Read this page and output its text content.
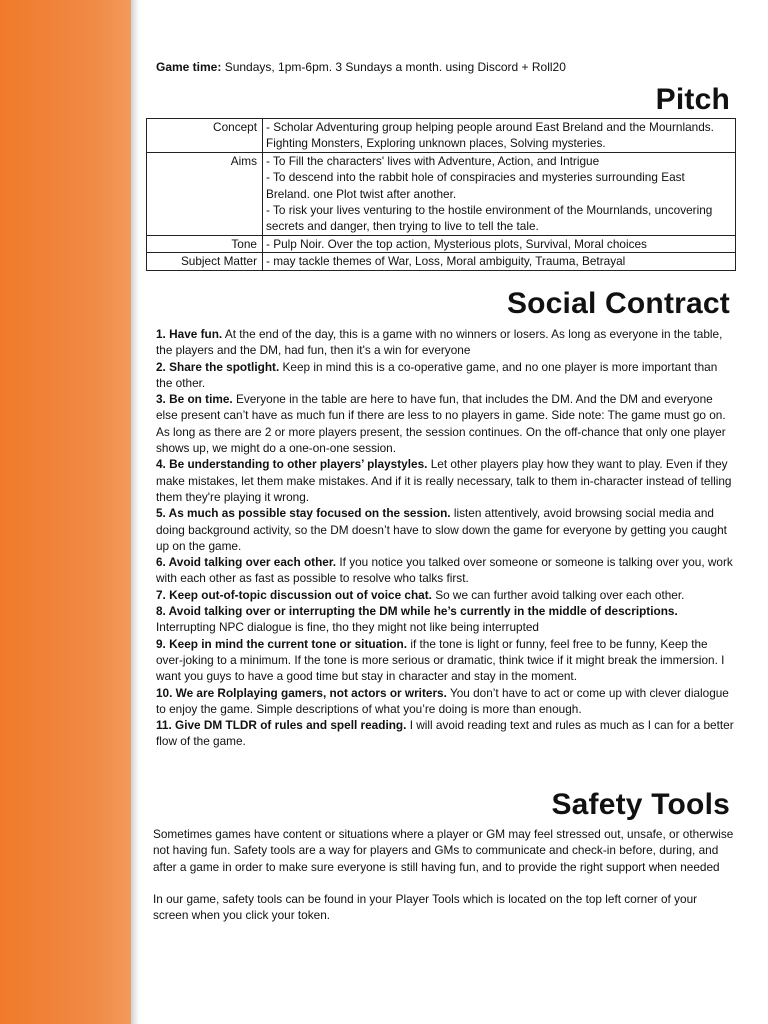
Game time: Sundays, 1pm-6pm. 3 Sundays a month. using Discord + Roll20
Pitch
Concept	- Scholar Adventuring group helping people around East Breland and the Mournlands. Fighting Monsters, Exploring unknown places, Solving mysteries.

Aims	- To Fill the characters' lives with Adventure, Action, and Intrigue
- To descend into the rabbit hole of conspiracies and mysteries surrounding East Breland. one Plot twist after another.
- To risk your lives venturing to the hostile environment of the Mournlands, uncovering secrets and danger, then trying to live to tell the tale.

Tone	- Pulp Noir. Over the top action, Mysterious plots, Survival, Moral choices

Subject Matter	- may tackle themes of War, Loss, Moral ambiguity, Trauma, Betrayal
Social Contract

1. Have fun. At the end of the day, this is a game with no winners or losers. As long as everyone in the table, the players and the DM, had fun, then it's a win for everyone

2. Share the spotlight. Keep in mind this is a co-operative game, and no one player is more important than the other.

3. Be on time. Everyone in the table are here to have fun, that includes the DM. And the DM and everyone else present can’t have as much fun if there are less to no players in game. Side note: The game must go on. As long as there are 2 or more players present, the session continues. On the off-chance that only one player shows up, we might do a one-on-one session.

4. Be understanding to other players’ playstyles. Let other players play how they want to play. Even if they make mistakes, let them make mistakes. And if it is really necessary, talk to them in-character instead of telling them they're playing it wrong.

5. As much as possible stay focused on the session. listen attentively, avoid browsing social media and doing background activity, so the DM doesn’t have to slow down the game for everyone by getting you caught up on the game.

6. Avoid talking over each other. If you notice you talked over someone or someone is talking over you, work with each other as fast as possible to resolve who talks first.

7. Keep out-of-topic discussion out of voice chat. So we can further avoid talking over each other.

8. Avoid talking over or interrupting the DM while he’s currently in the middle of descriptions. Interrupting NPC dialogue is fine, tho they might not like being interrupted

9. Keep in mind the current tone or situation. if the tone is light or funny, feel free to be funny, Keep the over-joking to a minimum. If the tone is more serious or dramatic, think twice if it might break the immersion. I want you guys to have a good time but stay in character and stay in the moment.

10. We are Rolplaying gamers, not actors or writers. You don’t have to act or come up with clever dialogue to enjoy the game. Simple descriptions of what you’re doing is more than enough.

11. Give DM TLDR of rules and spell reading. I will avoid reading text and rules as much as I can for a better flow of the game.

Safety Tools

Sometimes games have content or situations where a player or GM may feel stressed out, unsafe, or otherwise not having fun. Safety tools are a way for players and GMs to communicate and check-in before, during, and after a game in order to make sure everyone is still having fun, and to provide the right support when needed

In our game, safety tools can be found in your Player Tools which is located on the top left corner of your screen when you click your token.
